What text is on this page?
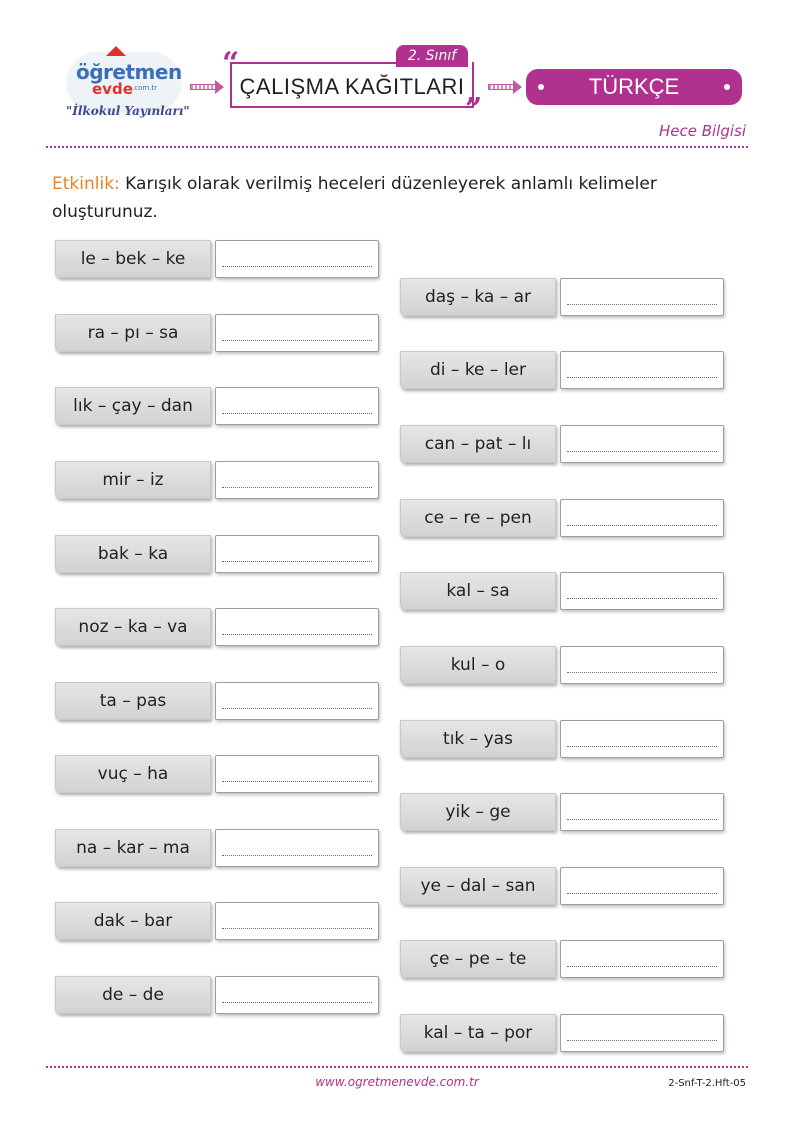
öğretmen
evde .com.tr
"İlkokul Yayınları"
2. Sınıf
“
ÇALIŞMA KAĞITLARI
”
TÜRKÇE
Hece Bilgisi
Etkinlik: Karışık olarak verilmiş heceleri düzenleyerek anlamlı kelimeler oluşturunuz.
le – bek – ke
ra – pı – sa
lık – çay – dan
mir – iz
bak – ka
noz – ka – va
ta – pas
vuç – ha
na – kar – ma
dak – bar
de – de
daş – ka – ar
di – ke – ler
can – pat – lı
ce – re – pen
kal – sa
kul – o
tık – yas
yik – ge
ye – dal – san
çe – pe – te
kal – ta – por
www.ogretmenevde.com.tr	2-Snf-T-2.Hft-05
